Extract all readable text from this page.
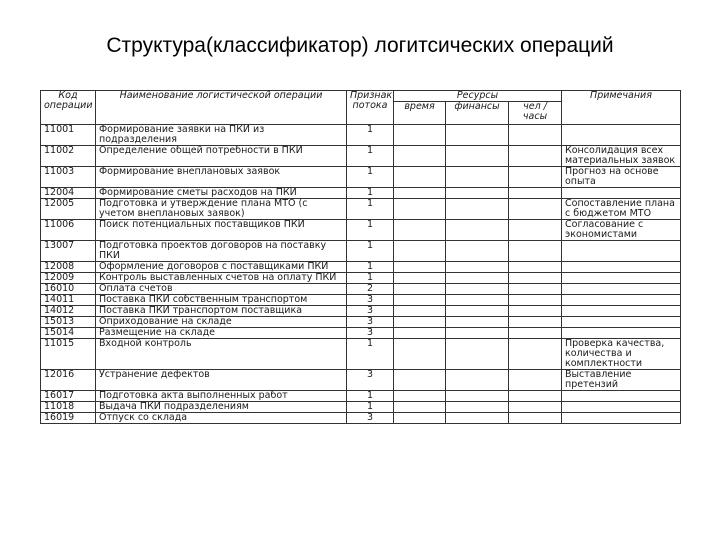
Структура(классификатор) логитсических операций
Код операции	Наименование логистической операции	Признак потока	Ресурсы			Примечания
			время	финансы	чел / часы	
11001	Формирование заявки на ПКИ из подразделения	1				
11002	Определение общей потребности в ПКИ	1				Консолидация всех материальных заявок
11003	Формирование внеплановых заявок	1				Прогноз на основе опыта
12004	Формирование сметы расходов на ПКИ	1				
12005	Подготовка и утверждение плана МТО (с учетом внеплановых заявок)	1				Сопоставление плана с бюджетом МТО
11006	Поиск потенциальных поставщиков ПКИ	1				Согласование с экономистами
13007	Подготовка проектов договоров на поставку ПКИ	1				
12008	Оформление договоров с поставщиками ПКИ	1				
12009	Контроль выставленных счетов на оплату ПКИ	1				
16010	Оплата счетов	2				
14011	Поставка ПКИ собственным транспортом	3				
14012	Поставка ПКИ транспортом поставщика	3				
15013	Оприходование на складе	3				
15014	Размещение на складе	3				
11015	Входной контроль	1				Проверка качества, количества и комплектности
12016	Устранение дефектов	3				Выставление претензий
16017	Подготовка акта выполненных работ	1				
11018	Выдача ПКИ подразделениям	1				
16019	Отпуск со склада	3				
